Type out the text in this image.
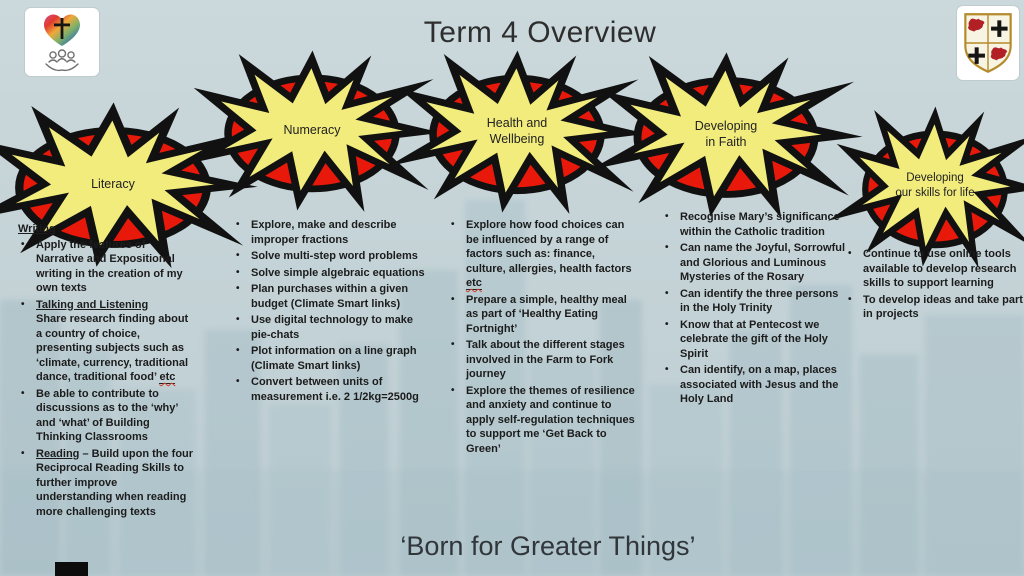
Term 4 Overview
Literacy
Numeracy
Health and
Wellbeing
Developing
in Faith
Developing
our skills for life
Writing
•	Apply the features of Narrative and Expositional writing in the creation of my own texts
•	Talking and Listening
Share research finding about a country of choice, presenting subjects such as ‘climate, currency, traditional dance, traditional food’ etc
•	Be able to contribute to discussions as to the ‘why’ and ‘what’ of Building Thinking Classrooms
•	Reading – Build upon the four Reciprocal Reading Skills to further improve understanding when reading more challenging texts
•	Explore, make and describe improper fractions
•	Solve multi-step word problems
•	Solve simple algebraic equations
•	Plan purchases within a given budget (Climate Smart links)
•	Use digital technology to make pie-chats
•	Plot information on a line graph (Climate Smart links)
•	Convert between units of measurement i.e. 2 1/2kg=2500g
•	Explore how food choices can be influenced by a range of factors such as: finance, culture, allergies, health factors etc
•	Prepare a simple, healthy meal as part of ‘Healthy Eating Fortnight’
•	Talk about the different stages involved in the Farm to Fork journey
•	Explore the themes of resilience and anxiety and continue to apply self-regulation techniques to support me ‘Get Back to Green’
•	Recognise Mary’s significance within the Catholic tradition
•	Can name the Joyful, Sorrowful and Glorious and Luminous Mysteries of the Rosary
•	Can identify the three persons in the Holy Trinity
•	Know that at Pentecost we celebrate the gift of the Holy Spirit
•	Can identify, on a map, places associated with Jesus and the Holy Land
•	Continue to use online tools available to develop research skills to support learning
•	To develop ideas and take part in projects
‘Born for Greater Things’
